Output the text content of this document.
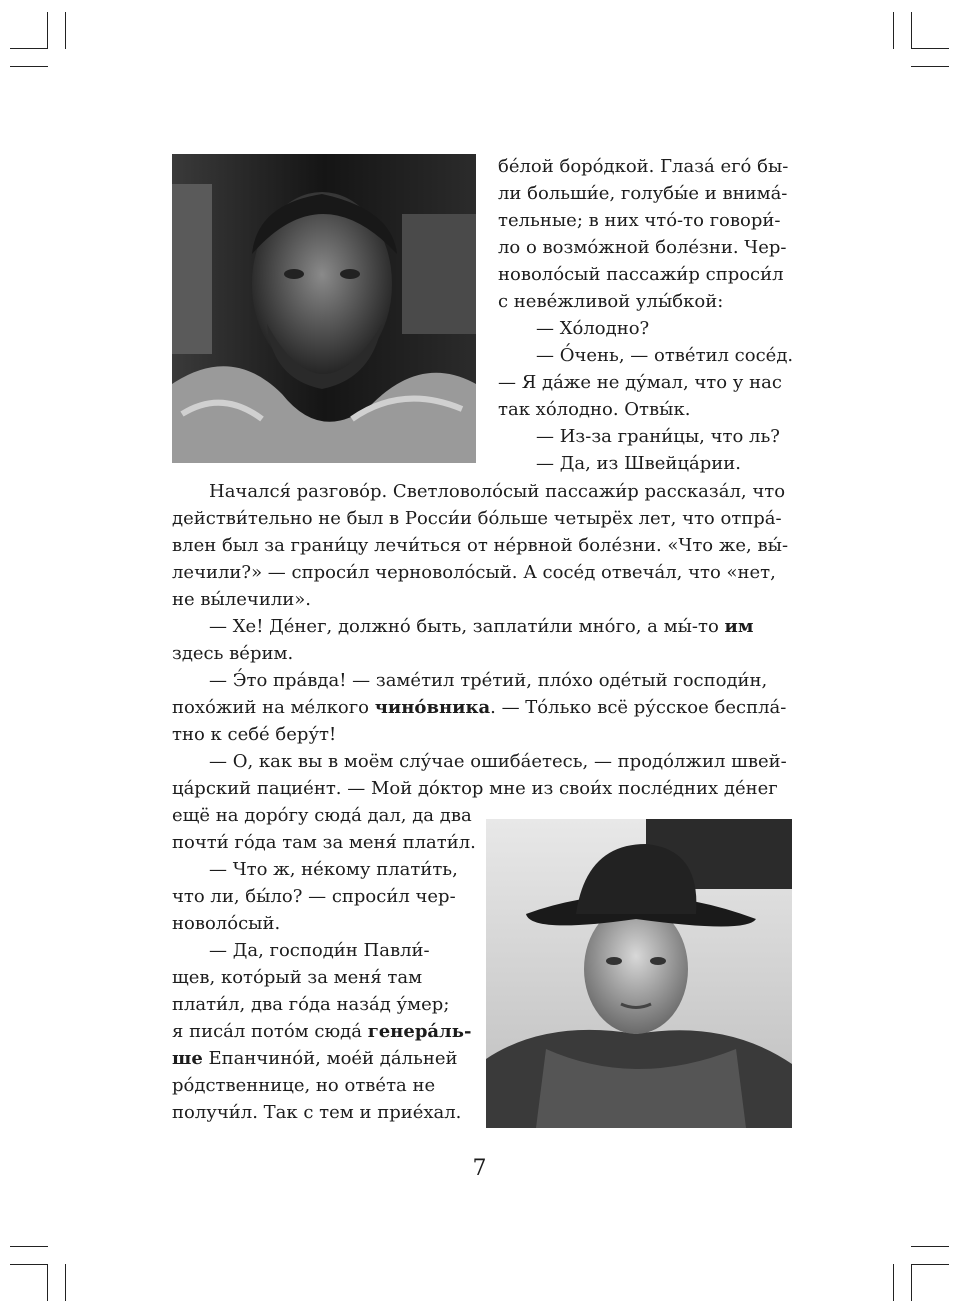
бе́лой боро́дкой. Глаза́ его́ бы-
ли больши́е, голубы́е и внима́-
тельные; в них что́-то говори́-
ло о возмо́жной боле́зни. Чер-
новоло́сый пассажи́р спроси́л
с неве́жливой улы́бкой:
— Хо́лодно?
— О́чень, — отве́тил сосе́д.
— Я да́же не ду́мал, что у нас
так хо́лодно. Отвы́к.
— Из-за грани́цы, что ль?
— Да, из Швейца́рии.
Начался́ разгово́р. Светловоло́сый пассажи́р рассказа́л, что
действи́тельно не был в Росси́и бо́льше четырёх лет, что отпра́-
влен был за грани́цу лечи́ться от не́рвной боле́зни. «Что же, вы́-
лечили?» — спроси́л черноволо́сый. А сосе́д отвеча́л, что «нет,
не вы́лечили».
— Хе! Де́нег, должно́ быть, заплати́ли мно́го, а мы́-то им
здесь ве́рим.
— Э́то пра́вда! — заме́тил тре́тий, пло́хо оде́тый господи́н,
похо́жий на ме́лкого чино́вника. — То́лько всё ру́сское беспла́-
тно к себе́ беру́т!
— О, как вы в моём слу́чае ошиба́етесь, — продо́лжил швей-
ца́рский пацие́нт. — Мой до́ктор мне из свои́х после́дних де́нег
ещё на доро́гу сюда́ дал, да два
почти́ го́да там за меня́ плати́л.
— Что ж, не́кому плати́ть,
что ли, бы́ло? — спроси́л чер-
новоло́сый.
— Да, господи́н Павли́-
щев, кото́рый за меня́ там
плати́л, два го́да наза́д у́мер;
я писа́л пото́м сюда́ генера́ль-
ше Епанчино́й, моéй да́льней
ро́дственнице, но отве́та не
получи́л. Так с тем и прие́хал.
7
